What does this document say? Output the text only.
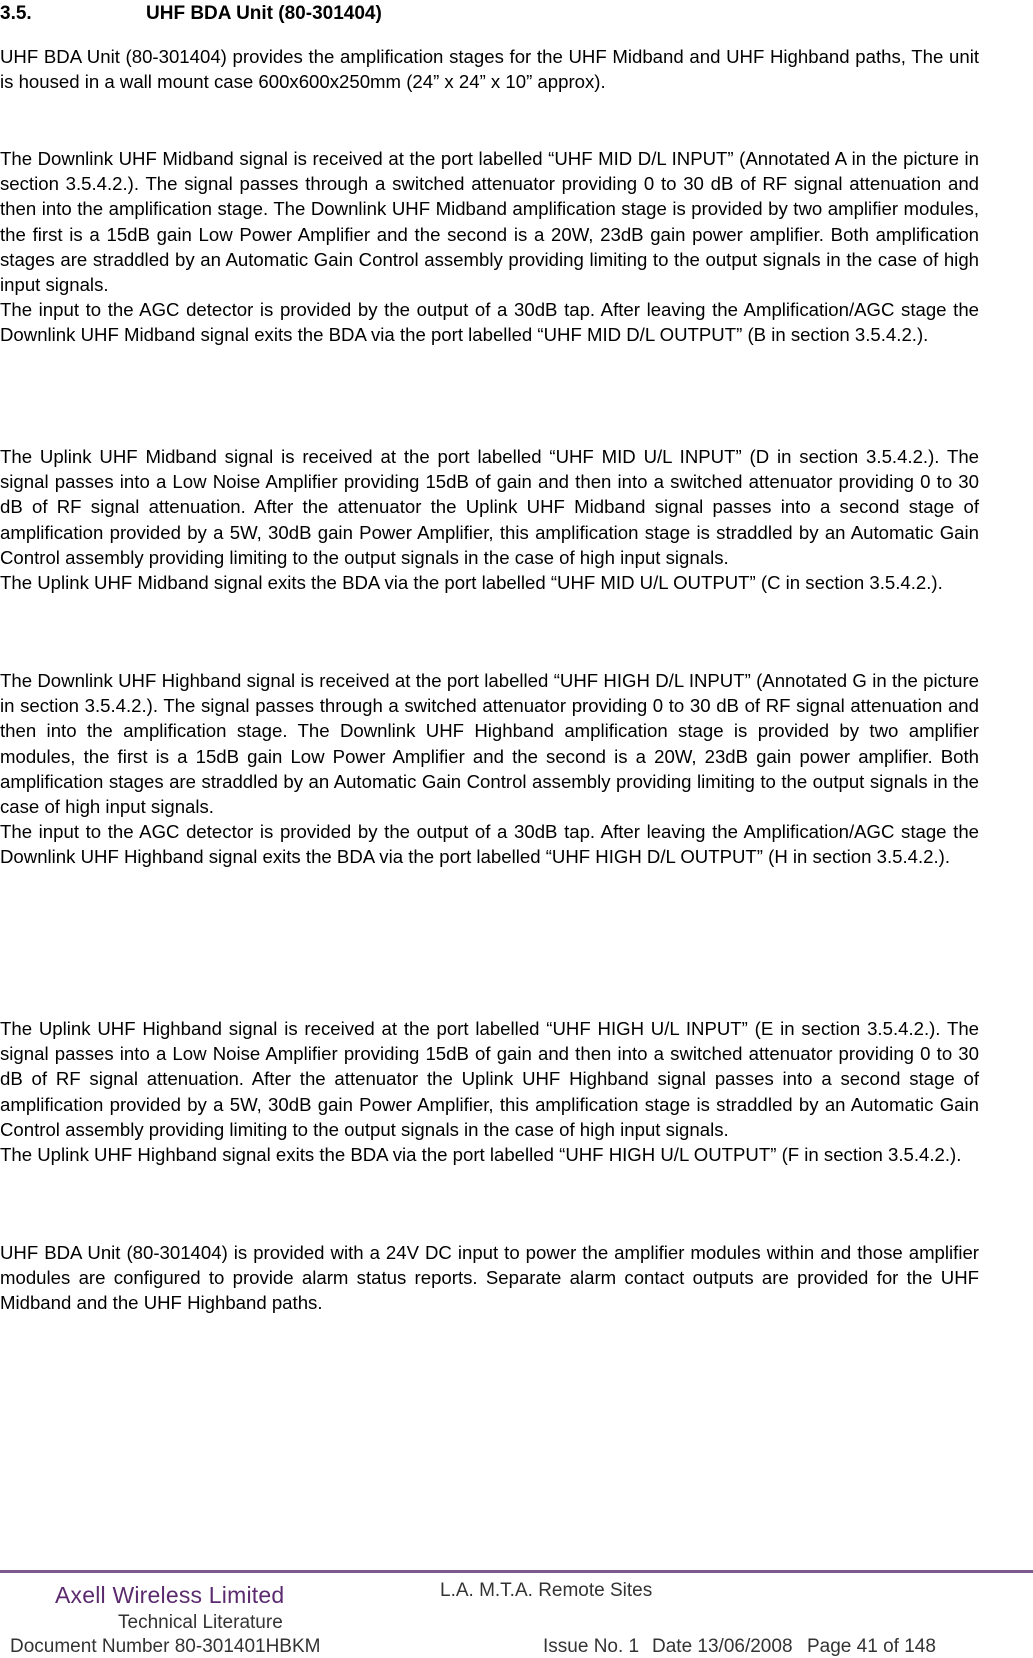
3.5.	UHF BDA Unit (80-301404)
UHF BDA Unit (80-301404) provides the amplification stages for the UHF Midband and UHF Highband paths, The unit is housed in a wall mount case 600x600x250mm (24” x 24” x 10” approx).
The Downlink UHF Midband signal is received at the port labelled “UHF MID D/L INPUT” (Annotated A in the picture in section 3.5.4.2.). The signal passes through a switched attenuator providing 0 to 30 dB of RF signal attenuation and then into the amplification stage. The Downlink UHF Midband amplification stage is provided by two amplifier modules, the first is a 15dB gain Low Power Amplifier and the second is a 20W, 23dB gain power amplifier. Both amplification stages are straddled by an Automatic Gain Control assembly providing limiting to the output signals in the case of high input signals.
The input to the AGC detector is provided by the output of a 30dB tap. After leaving the Amplification/AGC stage the Downlink UHF Midband signal exits the BDA via the port labelled “UHF MID D/L OUTPUT” (B in section 3.5.4.2.).
The Uplink UHF Midband signal is received at the port labelled “UHF MID U/L INPUT” (D in section 3.5.4.2.). The signal passes into a Low Noise Amplifier providing 15dB of gain and then into a switched attenuator providing 0 to 30 dB of RF signal attenuation. After the attenuator the Uplink UHF Midband signal passes into a second stage of amplification provided by a 5W, 30dB gain Power Amplifier, this amplification stage is straddled by an Automatic Gain Control assembly providing limiting to the output signals in the case of high input signals.
The Uplink UHF Midband signal exits the BDA via the port labelled “UHF MID U/L OUTPUT” (C in section 3.5.4.2.).
The Downlink UHF Highband signal is received at the port labelled “UHF HIGH D/L INPUT” (Annotated G in the picture in section 3.5.4.2.). The signal passes through a switched attenuator providing 0 to 30 dB of RF signal attenuation and then into the amplification stage. The Downlink UHF Highband amplification stage is provided by two amplifier modules, the first is a 15dB gain Low Power Amplifier and the second is a 20W, 23dB gain power amplifier. Both amplification stages are straddled by an Automatic Gain Control assembly providing limiting to the output signals in the case of high input signals.
The input to the AGC detector is provided by the output of a 30dB tap. After leaving the Amplification/AGC stage the Downlink UHF Highband signal exits the BDA via the port labelled “UHF HIGH D/L OUTPUT” (H in section 3.5.4.2.).
The Uplink UHF Highband signal is received at the port labelled “UHF HIGH U/L INPUT” (E in section 3.5.4.2.). The signal passes into a Low Noise Amplifier providing 15dB of gain and then into a switched attenuator providing 0 to 30 dB of RF signal attenuation. After the attenuator the Uplink UHF Highband signal passes into a second stage of amplification provided by a 5W, 30dB gain Power Amplifier, this amplification stage is straddled by an Automatic Gain Control assembly providing limiting to the output signals in the case of high input signals.
The Uplink UHF Highband signal exits the BDA via the port labelled “UHF HIGH U/L OUTPUT” (F in section 3.5.4.2.).
UHF BDA Unit (80-301404) is provided with a 24V DC input to power the amplifier modules within and those amplifier modules are configured to provide alarm status reports. Separate alarm contact outputs are provided for the UHF Midband and the UHF Highband paths.
Axell Wireless Limited	L.A. M.T.A. Remote Sites
Technical Literature
Document Number 80-301401HBKM	Issue No. 1 Date 13/06/2008 Page 41 of 148
